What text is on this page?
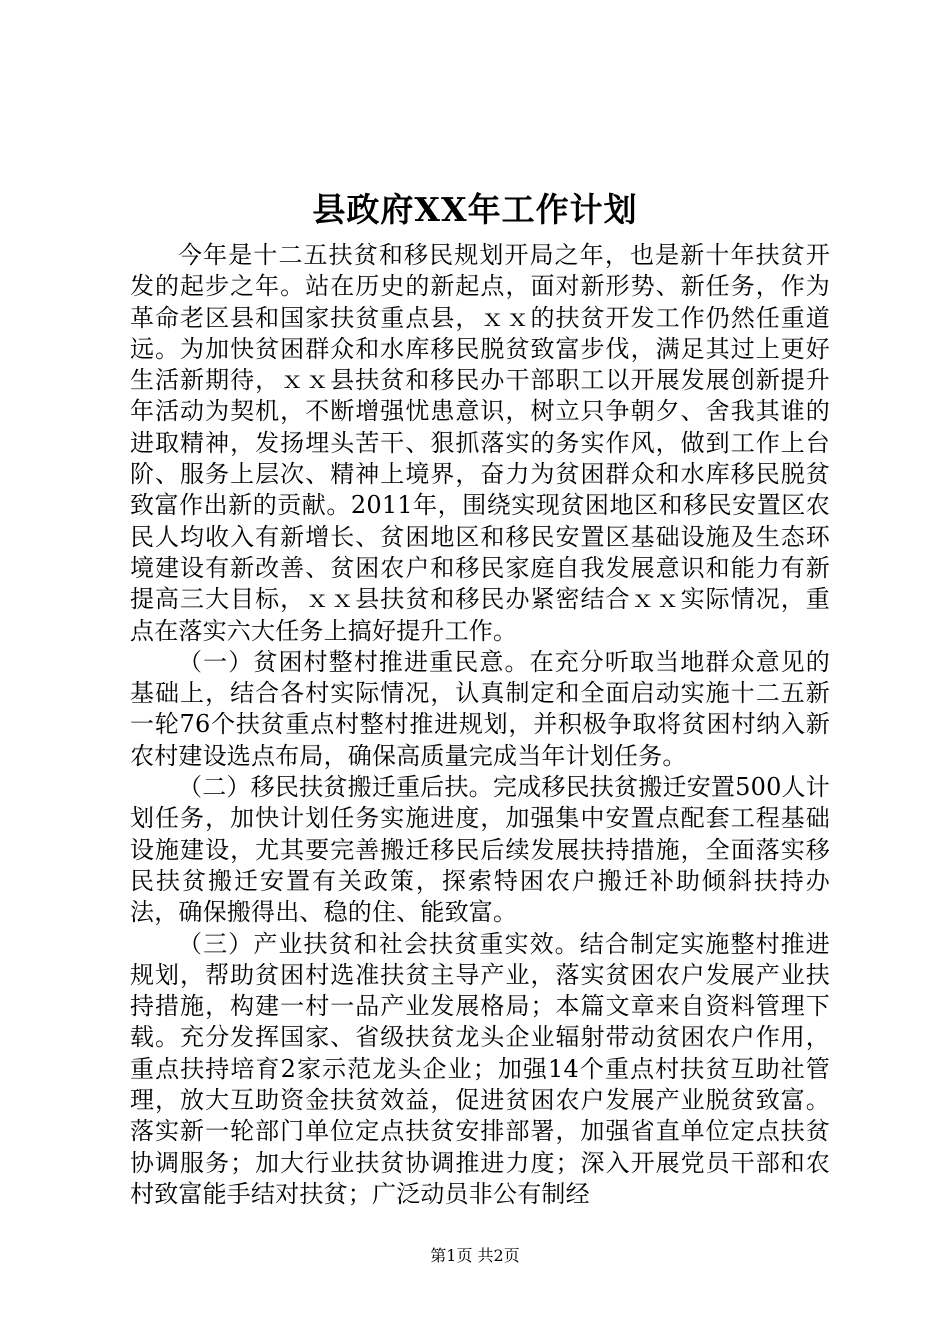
县政府XX年工作计划

今年是十二五扶贫和移民规划开局之年，也是新十年扶贫开发的起步之年。站在历史的新起点，面对新形势、新任务，作为革命老区县和国家扶贫重点县，ｘｘ的扶贫开发工作仍然任重道远。为加快贫困群众和水库移民脱贫致富步伐，满足其过上更好生活新期待，ｘｘ县扶贫和移民办干部职工以开展发展创新提升年活动为契机，不断增强忧患意识，树立只争朝夕、舍我其谁的进取精神，发扬埋头苦干、狠抓落实的务实作风，做到工作上台阶、服务上层次、精神上境界，奋力为贫困群众和水库移民脱贫致富作出新的贡献。2011年，围绕实现贫困地区和移民安置区农民人均收入有新增长、贫困地区和移民安置区基础设施及生态环境建设有新改善、贫困农户和移民家庭自我发展意识和能力有新提高三大目标，ｘｘ县扶贫和移民办紧密结合ｘｘ实际情况，重点在落实六大任务上搞好提升工作。

（一）贫困村整村推进重民意。在充分听取当地群众意见的基础上，结合各村实际情况，认真制定和全面启动实施十二五新一轮76个扶贫重点村整村推进规划，并积极争取将贫困村纳入新农村建设选点布局，确保高质量完成当年计划任务。

（二）移民扶贫搬迁重后扶。完成移民扶贫搬迁安置500人计划任务，加快计划任务实施进度，加强集中安置点配套工程基础设施建设，尤其要完善搬迁移民后续发展扶持措施，全面落实移民扶贫搬迁安置有关政策，探索特困农户搬迁补助倾斜扶持办法，确保搬得出、稳的住、能致富。

（三）产业扶贫和社会扶贫重实效。结合制定实施整村推进规划，帮助贫困村选准扶贫主导产业，落实贫困农户发展产业扶持措施，构建一村一品产业发展格局；本篇文章来自资料管理下载。充分发挥国家、省级扶贫龙头企业辐射带动贫困农户作用，重点扶持培育2家示范龙头企业；加强14个重点村扶贫互助社管理，放大互助资金扶贫效益，促进贫困农户发展产业脱贫致富。落实新一轮部门单位定点扶贫安排部署，加强省直单位定点扶贫协调服务；加大行业扶贫协调推进力度；深入开展党员干部和农村致富能手结对扶贫；广泛动员非公有制经

第1页 共2页
